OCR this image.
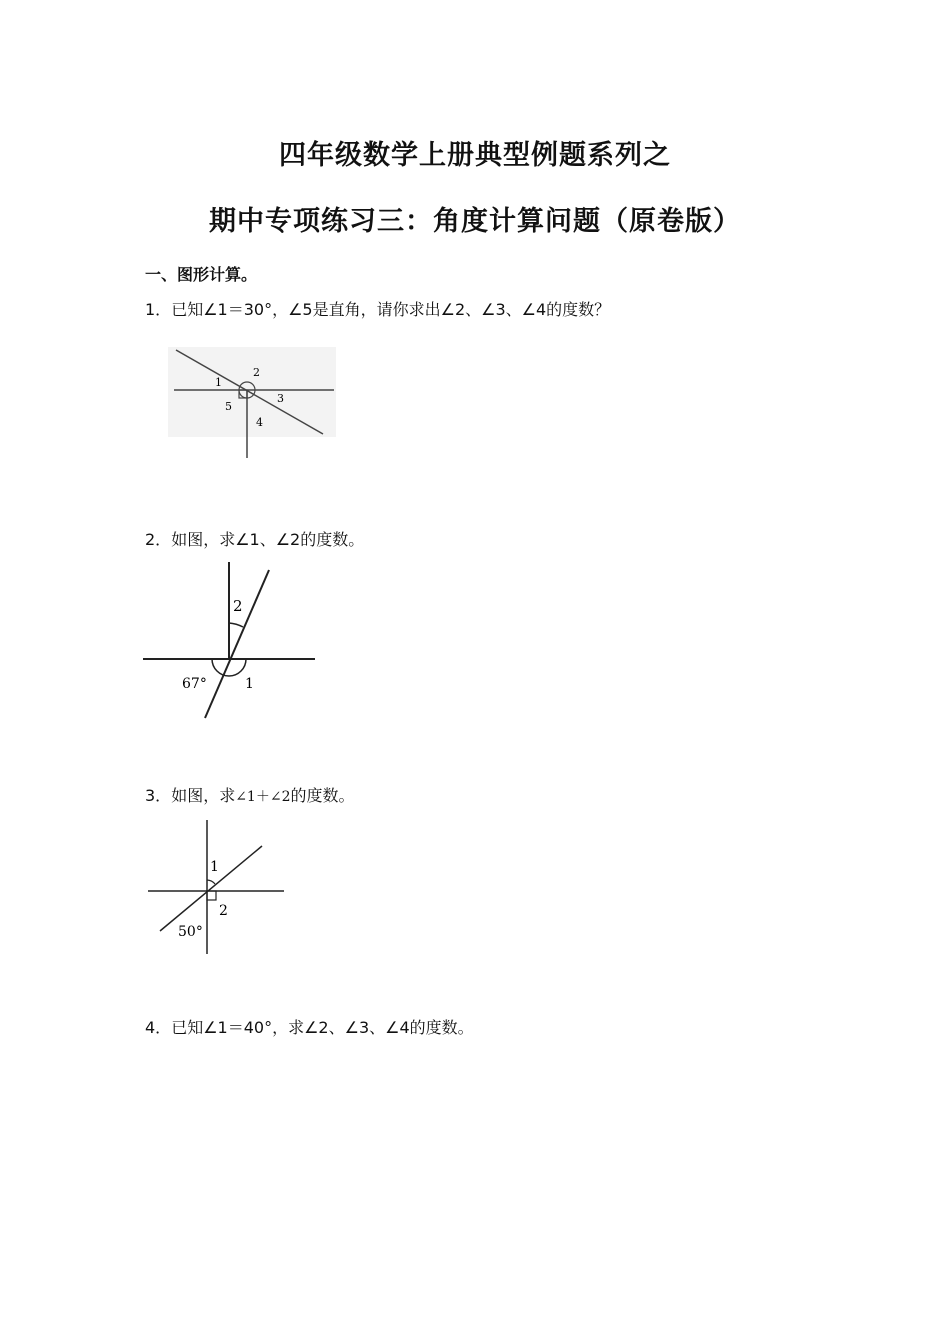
四年级数学上册典型例题系列之
期中专项练习三：角度计算问题（原卷版）
一、图形计算。
1．已知∠1＝30°，∠5是直角，请你求出∠2、∠3、∠4的度数？
1
2
3
4
5
2．如图，求∠1、∠2的度数。
2
67°	1
3．如图，求∠1＋∠2的度数。
1
2
50°
4．已知∠1＝40°，求∠2、∠3、∠4的度数。
